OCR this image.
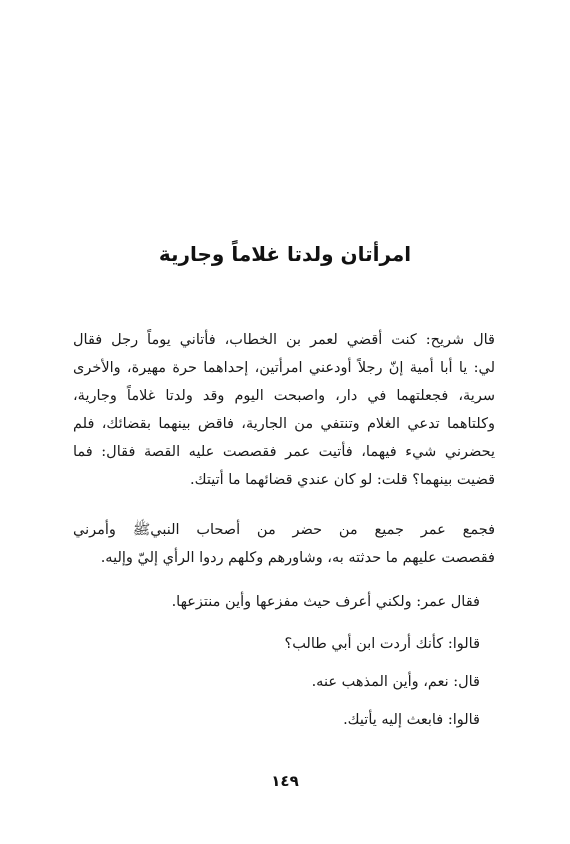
امرأتان ولدتا غلاماً وجارية
قال شريح: كنت أقضي لعمر بن الخطاب، فأتاني يوماً رجل فقال
لي: يا أبا أمية إنّ رجلاً أودعني امرأتين، إحداهما حرة مهيرة، والأخرى
سرية، فجعلتهما في دار، واصبحت اليوم وقد ولدتا غلاماً وجارية،
وكلتاهما تدعي الغلام وتنتفي من الجارية، فاقض بينهما بقضائك، فلم
يحضرني شيء فيهما، فأتيت عمر فقصصت عليه القصة فقال: فما
قضيت بينهما؟ قلت: لو كان عندي قضائهما ما أتيتك.
فجمع عمر جميع من حضر من أصحاب النبيﷺ وأمرني
فقصصت عليهم ما حدثته به، وشاورهم وكلهم ردوا الرأي إليّ وإليه.
فقال عمر: ولكني أعرف حيث مفزعها وأين منتزعها.
قالوا: كأنك أردت ابن أبي طالب؟
قال: نعم، وأين المذهب عنه.
قالوا: فابعث إليه يأتيك.
١٤٩
